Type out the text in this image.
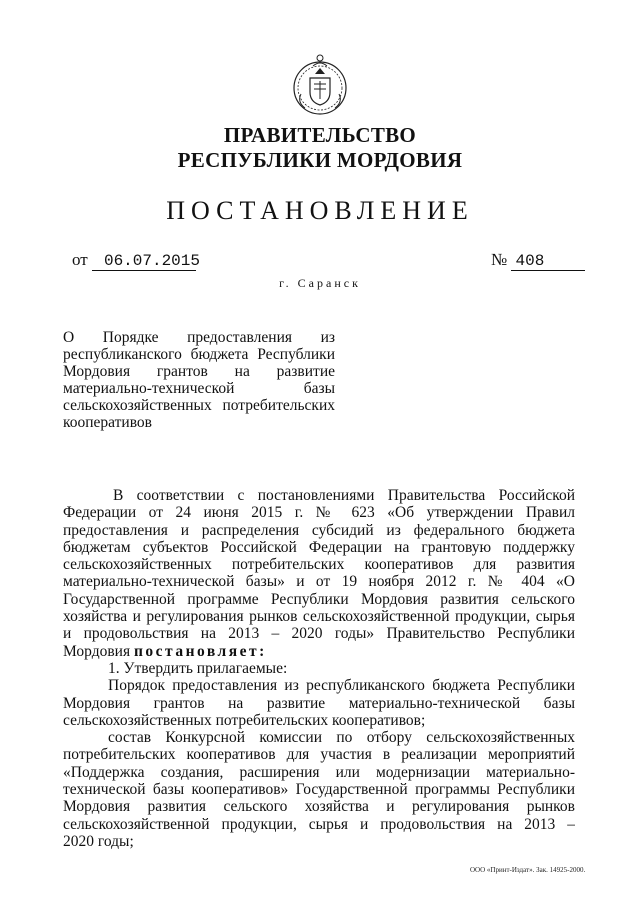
ПРАВИТЕЛЬСТВО
РЕСПУБЛИКИ МОРДОВИЯ
ПОСТАНОВЛЕНИЕ
от 06.07.2015	№ 408
г. Саранск
О Порядке предоставления из
республиканского бюджета Республики
Мордовия грантов на развитие
материально-технической базы
сельскохозяйственных потребительских
кооперативов
В соответствии с постановлениями Правительства Российской
Федерации от 24 июня 2015 г. № 623 «Об утверждении Правил
предоставления и распределения субсидий из федерального бюджета
бюджетам субъектов Российской Федерации на грантовую поддержку
сельскохозяйственных потребительских кооперативов для развития
материально-технической базы» и от 19 ноября 2012 г. № 404 «О
Государственной программе Республики Мордовия развития сельского
хозяйства и регулирования рынков сельскохозяйственной продукции, сырья
и продовольствия на 2013 – 2020 годы» Правительство Республики
Мордовия постановляет:
1. Утвердить прилагаемые:
Порядок предоставления из республиканского бюджета Республики
Мордовия грантов на развитие материально-технической базы
сельскохозяйственных потребительских кооперативов;
состав Конкурсной комиссии по отбору сельскохозяйственных
потребительских кооперативов для участия в реализации мероприятий
«Поддержка создания, расширения или модернизации материально-
технической базы кооперативов» Государственной программы Республики
Мордовия развития сельского хозяйства и регулирования рынков
сельскохозяйственной продукции, сырья и продовольствия на 2013 –
2020 годы;
ООО «Принт-Издат». Зак. 14925-2000.
